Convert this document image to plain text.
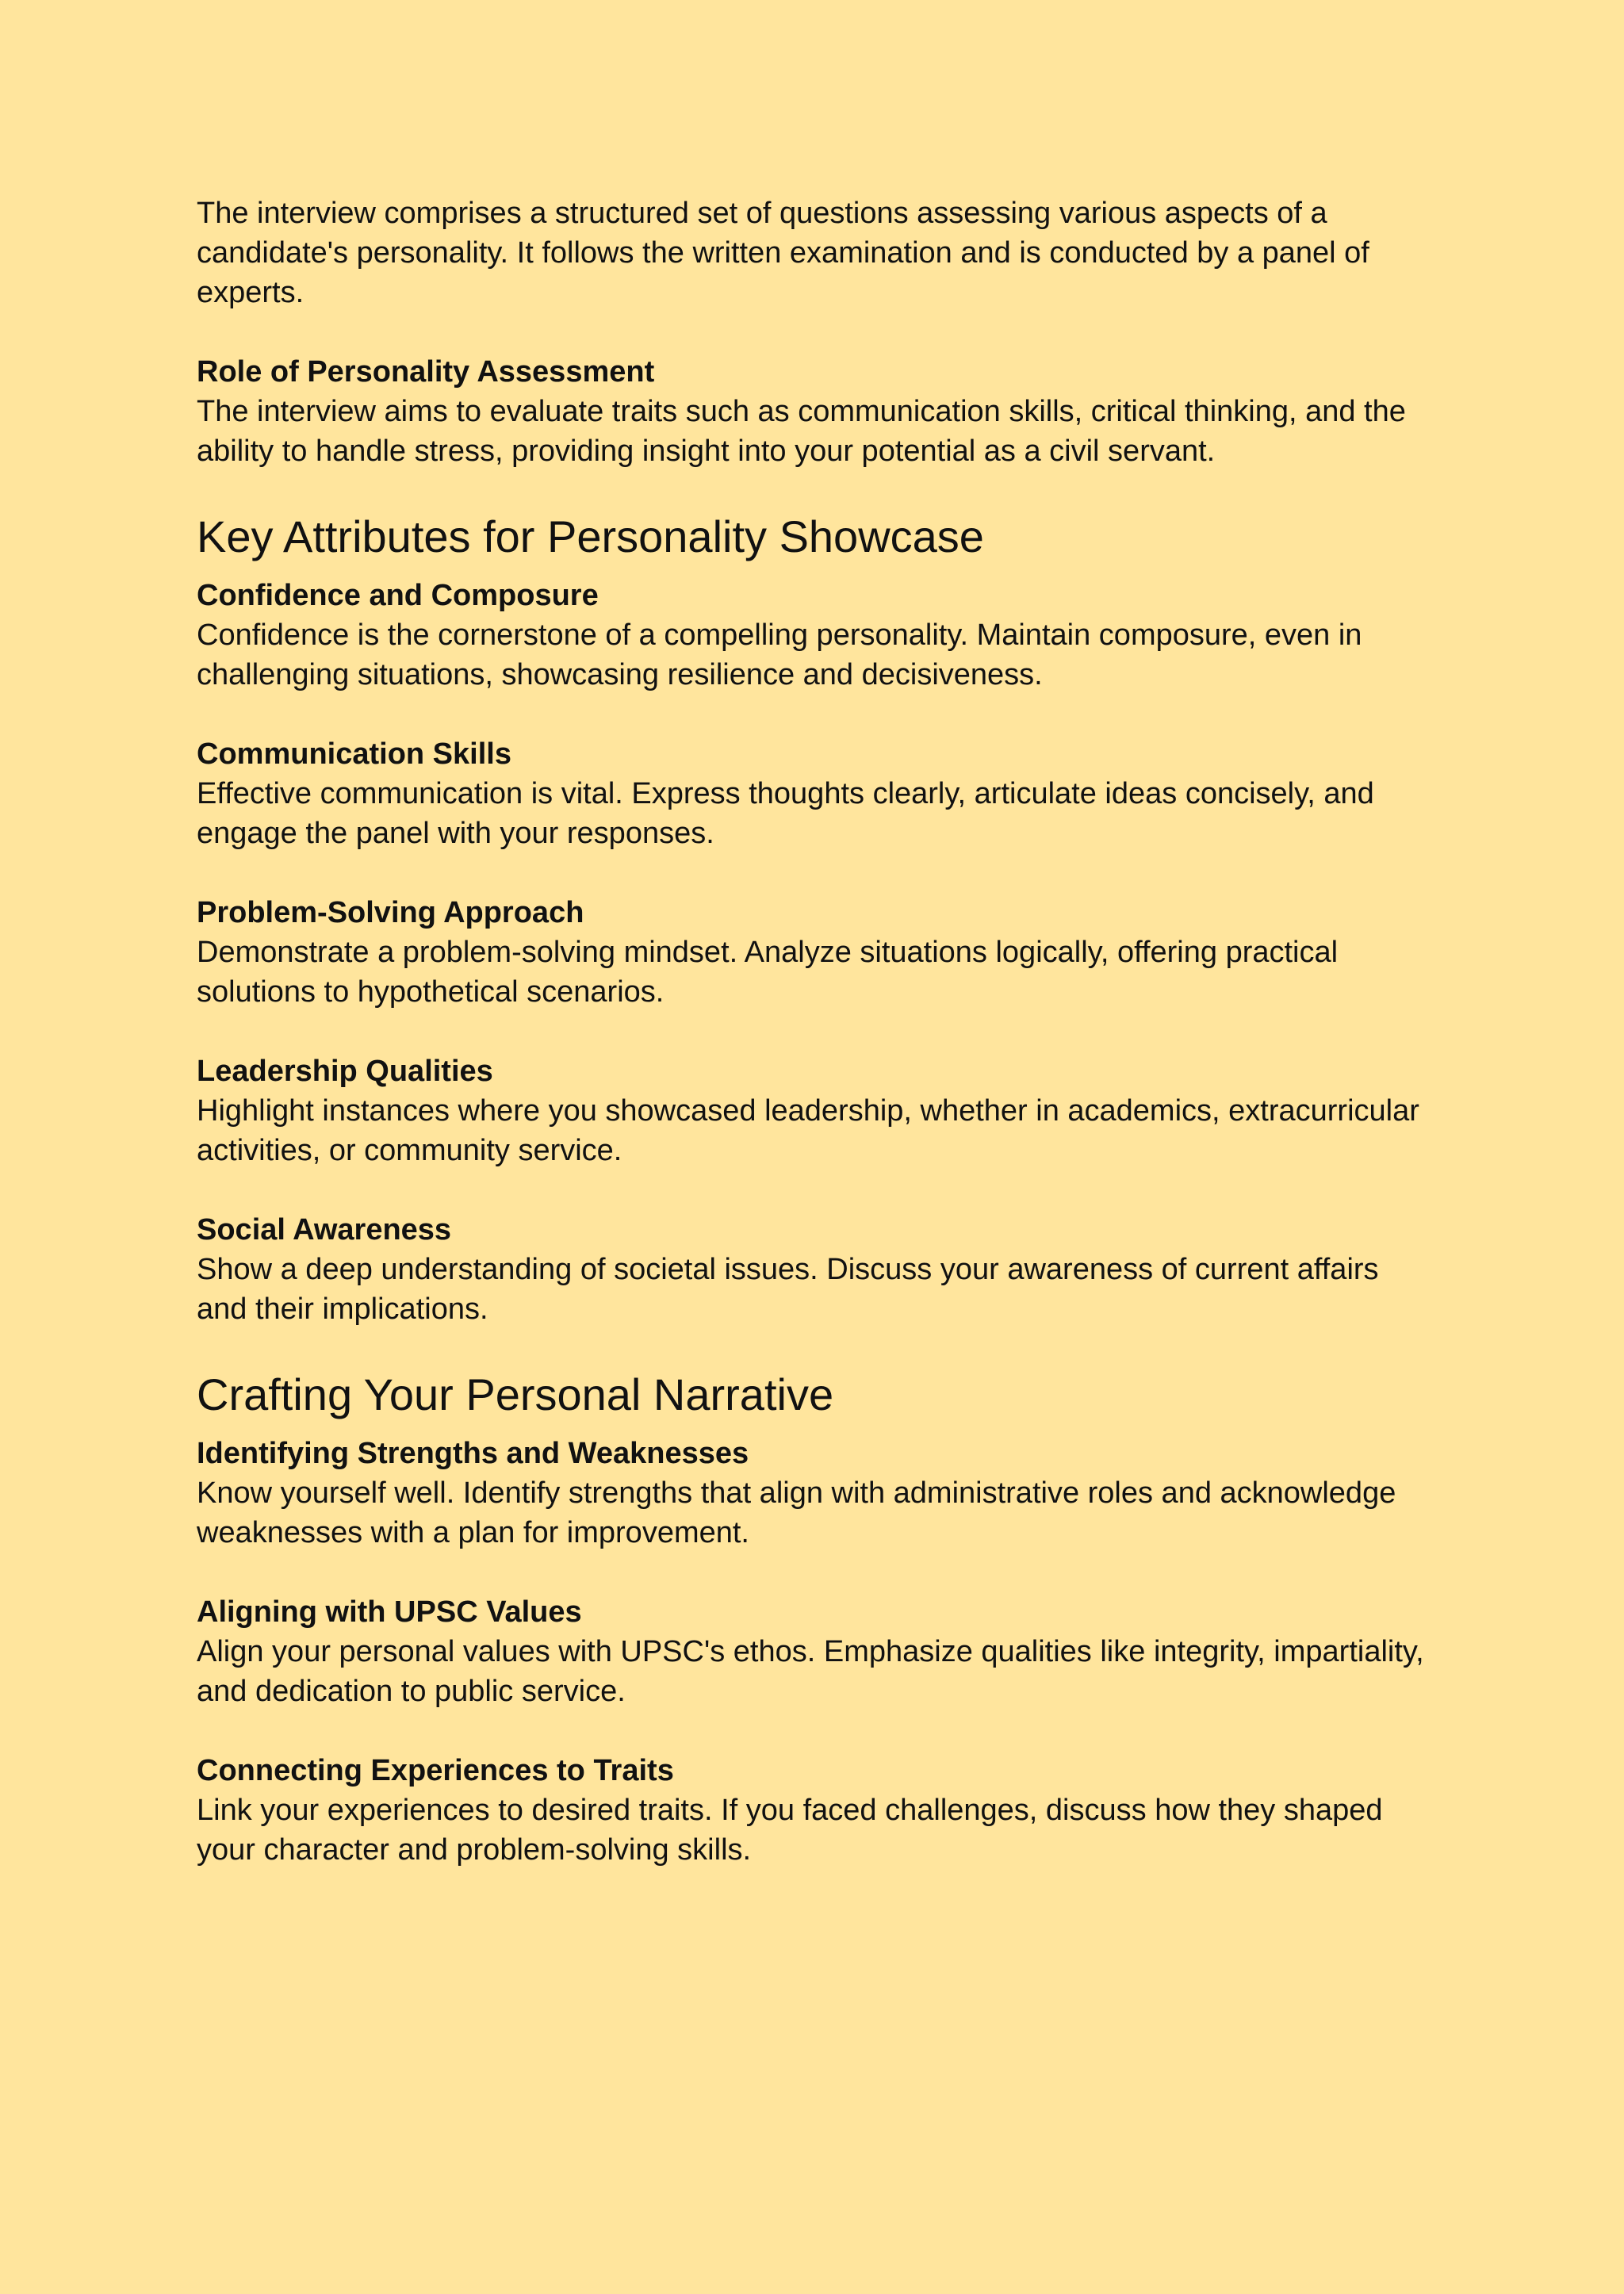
The interview comprises a structured set of questions assessing various aspects of a candidate's personality. It follows the written examination and is conducted by a panel of experts.

Role of Personality Assessment

The interview aims to evaluate traits such as communication skills, critical thinking, and the ability to handle stress, providing insight into your potential as a civil servant.

Key Attributes for Personality Showcase
Confidence and Composure

Confidence is the cornerstone of a compelling personality. Maintain composure, even in challenging situations, showcasing resilience and decisiveness.

Communication Skills

Effective communication is vital. Express thoughts clearly, articulate ideas concisely, and engage the panel with your responses.

Problem-Solving Approach

Demonstrate a problem-solving mindset. Analyze situations logically, offering practical solutions to hypothetical scenarios.

Leadership Qualities

Highlight instances where you showcased leadership, whether in academics, extracurricular activities, or community service.

Social Awareness

Show a deep understanding of societal issues. Discuss your awareness of current affairs and their implications.

Crafting Your Personal Narrative
Identifying Strengths and Weaknesses

Know yourself well. Identify strengths that align with administrative roles and acknowledge weaknesses with a plan for improvement.

Aligning with UPSC Values

Align your personal values with UPSC's ethos. Emphasize qualities like integrity, impartiality, and dedication to public service.

Connecting Experiences to Traits

Link your experiences to desired traits. If you faced challenges, discuss how they shaped your character and problem-solving skills.
